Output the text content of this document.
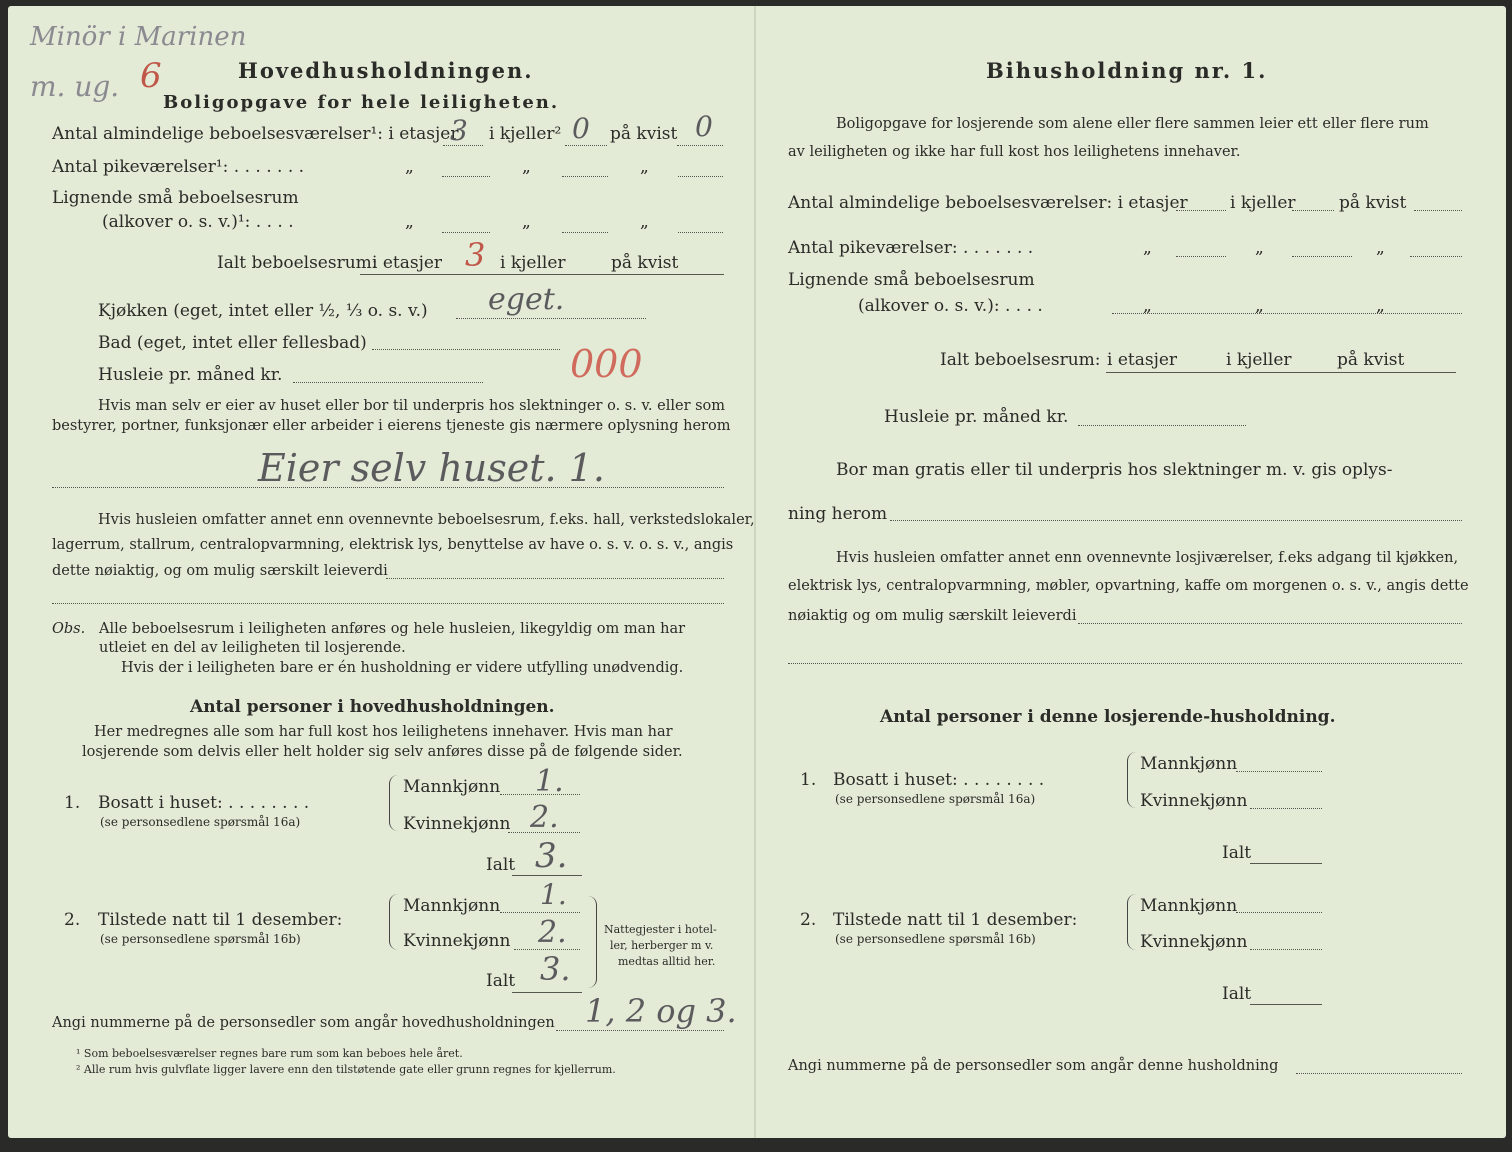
Minör i Marinen
m. ug. 6	Hovedhusholdningen.
Boligopgave for hele leiligheten.
Antal almindelige beboelsesværelser¹: i etasjer
3 i kjeller² 0 på kvist 0
Antal pikeværelser¹: . . . . . . .	„	„	„
Lignende små beboelsesrum
(alkover o. s. v.)¹: . . . .	„	„	„
Ialt beboelsesrum:
i etasjer 3 i kjeller	på kvist
Kjøkken (eget, intet eller ½, ⅓ o. s. v.) eget.
Bad (eget, intet eller fellesbad)
Husleie pr. måned kr.	000
Hvis man selv er eier av huset eller bor til underpris hos slektninger o. s. v. eller som
bestyrer, portner, funksjonær eller arbeider i eierens tjeneste gis nærmere oplysning herom
Eier selv huset. 1.
Hvis husleien omfatter annet enn ovennevnte beboelsesrum, f.eks. hall, verkstedslokaler,
lagerrum, stallrum, centralopvarmning, elektrisk lys, benyttelse av have o. s. v. o. s. v., angis
dette nøiaktig, og om mulig særskilt leieverdi
Obs. Alle beboelsesrum i leiligheten anføres og hele husleien, likegyldig om man har
utleiet en del av leiligheten til losjerende.
Hvis der i leiligheten bare er én husholdning er videre utfylling unødvendig.
Antal personer i hovedhusholdningen.
Her medregnes alle som har full kost hos leilighetens innehaver. Hvis man har
losjerende som delvis eller helt holder sig selv anføres disse på de følgende sider.
1. Bosatt i huset: . . . . . . . .
(se personsedlene spørsmål 16a)
Mannkjønn 1.
Kvinnekjønn 2.
Ialt 3.
2. Tilstede natt til 1 desember:
(se personsedlene spørsmål 16b)
Mannkjønn 1.
Kvinnekjønn 2.
Ialt 3.
Nattegjester i hotel-
ler, herberger m v.
medtas alltid her.
Angi nummerne på de personsedler som angår hovedhusholdningen 1, 2 og 3.
¹ Som beboelsesværelser regnes bare rum som kan beboes hele året.
² Alle rum hvis gulvflate ligger lavere enn den tilstøtende gate eller grunn regnes for kjellerrum.
Bihusholdning nr. 1.
Boligopgave for losjerende som alene eller flere sammen leier ett eller flere rum
av leiligheten og ikke har full kost hos leilighetens innehaver.
Antal almindelige beboelsesværelser: i etasjer i kjeller	på kvist
Antal pikeværelser: . . . . . . .	„	„	„
Lignende små beboelsesrum
(alkover o. s. v.): . . . .	„	„	„
Ialt beboelsesrum: i etasjer	i kjeller	på kvist
Husleie pr. måned kr.
Bor man gratis eller til underpris hos slektninger m. v. gis oplys-
ning herom
Hvis husleien omfatter annet enn ovennevnte losjiværelser, f.eks adgang til kjøkken,
elektrisk lys, centralopvarmning, møbler, opvartning, kaffe om morgenen o. s. v., angis dette
nøiaktig og om mulig særskilt leieverdi
Antal personer i denne losjerende-husholdning.
1. Bosatt i huset: . . . . . . . .
(se personsedlene spørsmål 16a)
Mannkjønn
Kvinnekjønn
Ialt
2. Tilstede natt til 1 desember:
(se personsedlene spørsmål 16b)
Mannkjønn
Kvinnekjønn
Ialt
Angi nummerne på de personsedler som angår denne husholdning
